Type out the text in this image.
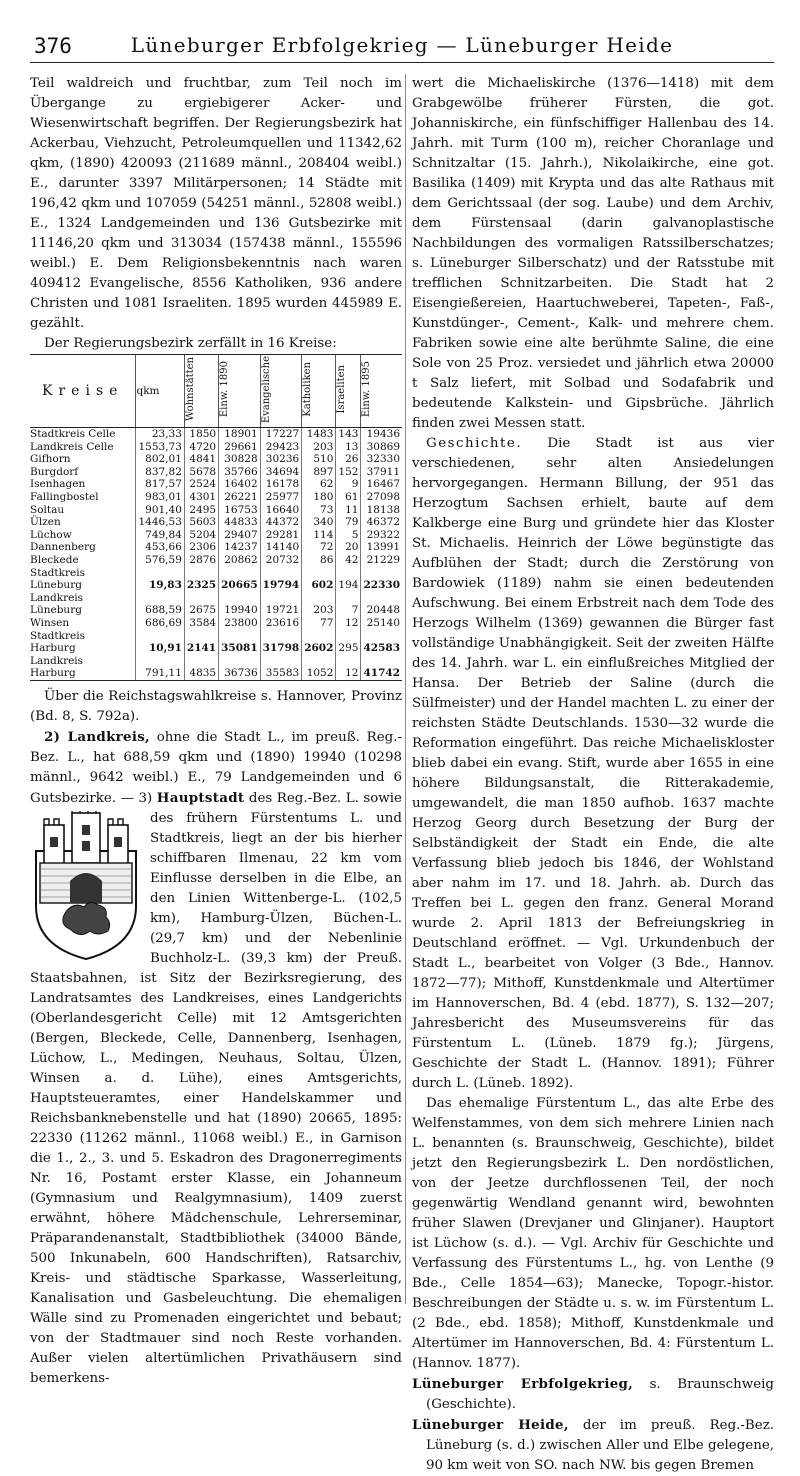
376	Lüneburger Erbfolgekrieg — Lüneburger Heide

Teil waldreich und fruchtbar, zum Teil noch im Übergange zu ergiebigerer Acker- und Wiesenwirtschaft begriffen. Der Regierungsbezirk hat Ackerbau, Viehzucht, Petroleumquellen und 11342,62 qkm, (1890) 420093 (211689 männl., 208404 weibl.) E., darunter 3397 Militärpersonen; 14 Städte mit 196,42 qkm und 107059 (54251 männl., 52808 weibl.) E., 1324 Landgemeinden und 136 Gutsbezirke mit 11146,20 qkm und 313034 (157438 männl., 155596 weibl.) E. Dem Religionsbekenntnis nach waren 409412 Evangelische, 8556 Katholiken, 936 andere Christen und 1081 Israeliten. 1895 wurden 445989 E. gezählt.

Der Regierungsbezirk zerfällt in 16 Kreise:

Kreise	qkm	Wohnstätten	Einw. 1890	Evangelische	Katholiken	Israeliten	Einw. 1895
Stadtkreis Celle	23,33	1850	18901	17227	1483	143	19436
Landkreis Celle	1553,73	4720	29661	29423	203	13	30869
Gifhorn	802,01	4841	30828	30236	510	26	32330
Burgdorf	837,82	5678	35766	34694	897	152	37911
Isenhagen	817,57	2524	16402	16178	62	9	16467
Fallingbostel	983,01	4301	26221	25977	180	61	27098
Soltau	901,40	2495	16753	16640	73	11	18138
Ülzen	1446,53	5603	44833	44372	340	79	46372
Lüchow	749,84	5204	29407	29281	114	5	29322
Dannenberg	453,66	2306	14237	14140	72	20	13991
Bleckede	576,59	2876	20862	20732	86	42	21229
Stadtkreis							
Lüneburg	19,83	2325	20665	19794	602	194	22330
Landkreis							
Lüneburg	688,59	2675	19940	19721	203	7	20448
Winsen	686,69	3584	23800	23616	77	12	25140
Stadtkreis							
Harburg	10,91	2141	35081	31798	2602	295	42583
Landkreis							
Harburg	791,11	4835	36736	35583	1052	12	41742

Über die Reichstagswahlkreise s. Hannover, Provinz (Bd. 8, S. 792a).

2) Landkreis, ohne die Stadt L., im preuß. Reg.-Bez. L., hat 688,59 qkm und (1890) 19940 (10298 männl., 9642 weibl.) E., 79 Landgemeinden und 6 Gutsbezirke. — 3) Hauptstadt des Reg.-Bez. L.
sowie des frühern Fürstentums L. und Stadtkreis, liegt an der bis hierher schiffbaren Ilmenau, 22 km vom Einflusse derselben in die Elbe, an den Linien Wittenberge-L. (102,5 km), Hamburg-Ülzen, Büchen-L. (29,7 km) und der Nebenlinie Buchholz-L. (39,3 km) der Preuß. Staatsbahnen, ist Sitz der Bezirksregierung, des Landratsamtes des Landkreises, eines Landgerichts (Oberlandesgericht Celle) mit 12 Amtsgerichten (Bergen, Bleckede, Celle, Dannenberg, Isenhagen, Lüchow, L., Medingen, Neuhaus, Soltau, Ülzen, Winsen a. d. Lühe), eines Amtsgerichts, Hauptsteueramtes, einer Handelskammer und Reichsbanknebenstelle und hat (1890) 20665, 1895: 22330 (11262 männl., 11068 weibl.) E., in Garnison die 1., 2., 3. und 5. Eskadron des Dragonerregiments Nr. 16, Postamt erster Klasse, ein Johanneum (Gymnasium und Realgymnasium), 1409 zuerst erwähnt, höhere Mädchenschule, Lehrerseminar, Präparandenanstalt, Stadtbibliothek (34000 Bände, 500 Inkunabeln, 600 Handschriften), Ratsarchiv, Kreis- und städtische Sparkasse, Wasserleitung, Kanalisation und Gasbeleuchtung. Die ehemaligen Wälle sind zu Promenaden eingerichtet und bebaut; von der Stadtmauer sind noch Reste vorhanden. Außer vielen altertümlichen Privathäusern sind bemerkens-

wert die Michaeliskirche (1376—1418) mit dem Grabgewölbe früherer Fürsten, die got. Johanniskirche, ein fünfschiffiger Hallenbau des 14. Jahrh. mit Turm (100 m), reicher Choranlage und Schnitzaltar (15. Jahrh.), Nikolaikirche, eine got. Basilika (1409) mit Krypta und das alte Rathaus mit dem Gerichtssaal (der sog. Laube) und dem Archiv, dem Fürstensaal (darin galvanoplastische Nachbildungen des vormaligen Ratssilberschatzes; s. Lüneburger Silberschatz) und der Ratsstube mit trefflichen Schnitzarbeiten. Die Stadt hat 2 Eisengießereien, Haartuchweberei, Tapeten-, Faß-, Kunstdünger-, Cement-, Kalk- und mehrere chem. Fabriken sowie eine alte berühmte Saline, die eine Sole von 25 Proz. versiedet und jährlich etwa 20000 t Salz liefert, mit Solbad und Sodafabrik und bedeutende Kalkstein- und Gipsbrüche. Jährlich finden zwei Messen statt.

Geschichte. Die Stadt ist aus vier verschiedenen, sehr alten Ansiedelungen hervorgegangen. Hermann Billung, der 951 das Herzogtum Sachsen erhielt, baute auf dem Kalkberge eine Burg und gründete hier das Kloster St. Michaelis. Heinrich der Löwe begünstigte das Aufblühen der Stadt; durch die Zerstörung von Bardowiek (1189) nahm sie einen bedeutenden Aufschwung. Bei einem Erbstreit nach dem Tode des Herzogs Wilhelm (1369) gewannen die Bürger fast vollständige Unabhängigkeit. Seit der zweiten Hälfte des 14. Jahrh. war L. ein einflußreiches Mitglied der Hansa. Der Betrieb der Saline (durch die Sülfmeister) und der Handel machten L. zu einer der reichsten Städte Deutschlands. 1530—32 wurde die Reformation eingeführt. Das reiche Michaeliskloster blieb dabei ein evang. Stift, wurde aber 1655 in eine höhere Bildungsanstalt, die Ritterakademie, umgewandelt, die man 1850 aufhob. 1637 machte Herzog Georg durch Besetzung der Burg der Selbständigkeit der Stadt ein Ende, die alte Verfassung blieb jedoch bis 1846, der Wohlstand aber nahm im 17. und 18. Jahrh. ab. Durch das Treffen bei L. gegen den franz. General Morand wurde 2. April 1813 der Befreiungskrieg in Deutschland eröffnet. — Vgl. Urkundenbuch der Stadt L., bearbeitet von Volger (3 Bde., Hannov. 1872—77); Mithoff, Kunstdenkmale und Altertümer im Hannoverschen, Bd. 4 (ebd. 1877), S. 132—207; Jahresbericht des Museumsvereins für das Fürstentum L. (Lüneb. 1879 fg.); Jürgens, Geschichte der Stadt L. (Hannov. 1891); Führer durch L. (Lüneb. 1892).

Das ehemalige Fürstentum L., das alte Erbe des Welfenstammes, von dem sich mehrere Linien nach L. benannten (s. Braunschweig, Geschichte), bildet jetzt den Regierungsbezirk L. Den nordöstlichen, von der Jeetze durchflossenen Teil, der noch gegenwärtig Wendland genannt wird, bewohnten früher Slawen (Drevjaner und Glinjaner). Hauptort ist Lüchow (s. d.). — Vgl. Archiv für Geschichte und Verfassung des Fürstentums L., hg. von Lenthe (9 Bde., Celle 1854—63); Manecke, Topogr.-histor. Beschreibungen der Städte u. s. w. im Fürstentum L. (2 Bde., ebd. 1858); Mithoff, Kunstdenkmale und Altertümer im Hannoverschen, Bd. 4: Fürstentum L. (Hannov. 1877).

Lüneburger Erbfolgekrieg, s. Braunschweig (Geschichte).

Lüneburger Heide, der im preuß. Reg.-Bez. Lüneburg (s. d.) zwischen Aller und Elbe gelegene, 90 km weit von SO. nach NW. bis gegen Bremen
